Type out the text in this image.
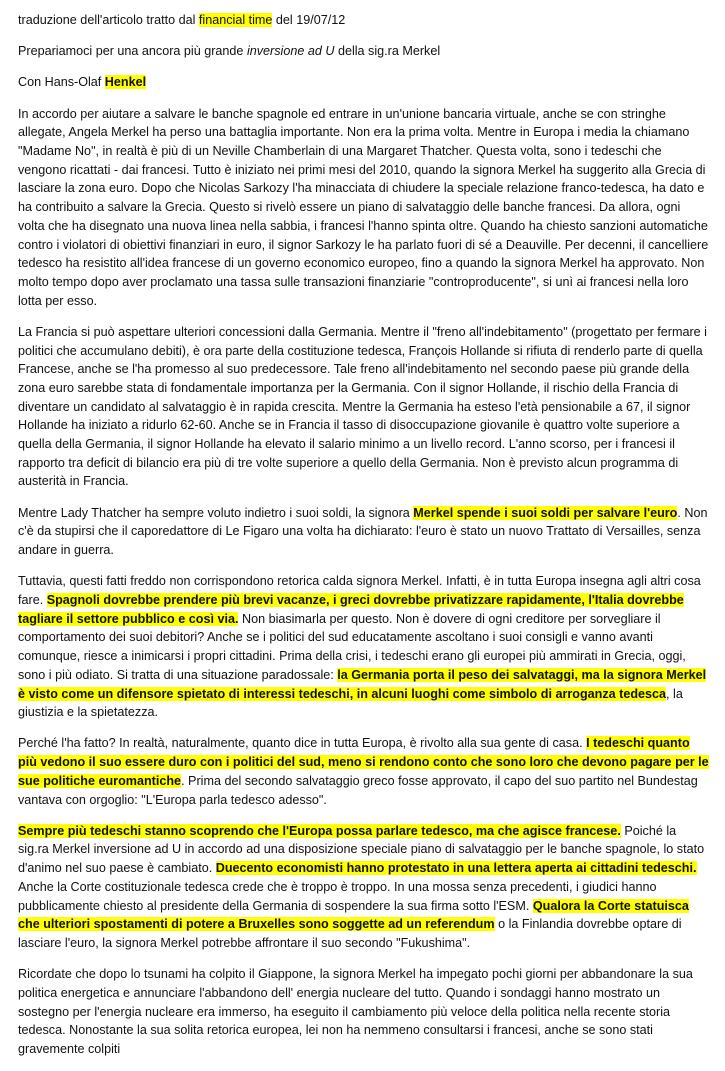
traduzione dell'articolo tratto dal financial time del 19/07/12

Prepariamoci per una ancora più grande inversione ad U della sig.ra Merkel

Con Hans-Olaf Henkel

In accordo per aiutare a salvare le banche spagnole ed entrare in un'unione bancaria virtuale, anche se con stringhe allegate, Angela Merkel ha perso una battaglia importante. Non era la prima volta. Mentre in Europa i media la chiamano "Madame No", in realtà è più di un Neville Chamberlain di una Margaret Thatcher. Questa volta, sono i tedeschi che vengono ricattati - dai francesi. Tutto è iniziato nei primi mesi del 2010, quando la signora Merkel ha suggerito alla Grecia di lasciare la zona euro. Dopo che Nicolas Sarkozy l'ha minacciata di chiudere la speciale relazione franco-tedesca, ha dato e ha contribuito a salvare la Grecia. Questo si rivelò essere un piano di salvataggio delle banche francesi. Da allora, ogni volta che ha disegnato una nuova linea nella sabbia, i francesi l'hanno spinta oltre. Quando ha chiesto sanzioni automatiche contro i violatori di obiettivi finanziari in euro, il signor Sarkozy le ha parlato fuori di sé a Deauville. Per decenni, il cancelliere tedesco ha resistito all'idea francese di un governo economico europeo, fino a quando la signora Merkel ha approvato. Non molto tempo dopo aver proclamato una tassa sulle transazioni finanziarie "controproducente", si unì ai francesi nella loro lotta per esso.

La Francia si può aspettare ulteriori concessioni dalla Germania. Mentre il "freno all'indebitamento" (progettato per fermare i politici che accumulano debiti), è ora parte della costituzione tedesca, François Hollande si rifiuta di renderlo parte di quella Francese, anche se l'ha promesso al suo predecessore. Tale freno all'indebitamento nel secondo paese più grande della zona euro sarebbe stata di fondamentale importanza per la Germania. Con il signor Hollande, il rischio della Francia di diventare un candidato al salvataggio è in rapida crescita. Mentre la Germania ha esteso l'età pensionabile a 67, il signor Hollande ha iniziato a ridurlo 62-60. Anche se in Francia il tasso di disoccupazione giovanile è quattro volte superiore a quella della Germania, il signor Hollande ha elevato il salario minimo a un livello record. L'anno scorso, per i francesi il rapporto tra deficit di bilancio era più di tre volte superiore a quello della Germania. Non è previsto alcun programma di austerità in Francia.

Mentre Lady Thatcher ha sempre voluto indietro i suoi soldi, la signora Merkel spende i suoi soldi per salvare l'euro. Non c'è da stupirsi che il caporedattore di Le Figaro una volta ha dichiarato: l'euro è stato un nuovo Trattato di Versailles, senza andare in guerra.

Tuttavia, questi fatti freddo non corrispondono retorica calda signora Merkel. Infatti, è in tutta Europa insegna agli altri cosa fare. Spagnoli dovrebbe prendere più brevi vacanze, i greci dovrebbe privatizzare rapidamente, l'Italia dovrebbe tagliare il settore pubblico e così via. Non biasimarla per questo. Non è dovere di ogni creditore per sorvegliare il comportamento dei suoi debitori? Anche se i politici del sud educatamente ascoltano i suoi consigli e vanno avanti comunque, riesce a inimicarsi i propri cittadini. Prima della crisi, i tedeschi erano gli europei più ammirati in Grecia, oggi, sono i più odiato. Si tratta di una situazione paradossale: la Germania porta il peso dei salvataggi, ma la signora Merkel è visto come un difensore spietato di interessi tedeschi, in alcuni luoghi come simbolo di arroganza tedesca, la giustizia e la spietatezza.

Perché l'ha fatto? In realtà, naturalmente, quanto dice in tutta Europa, è rivolto alla sua gente di casa. I tedeschi quanto più vedono il suo essere duro con i politici del sud, meno si rendono conto che sono loro che devono pagare per le sue politiche euromantiche. Prima del secondo salvataggio greco fosse approvato, il capo del suo partito nel Bundestag vantava con orgoglio: "L'Europa parla tedesco adesso".

Sempre più tedeschi stanno scoprendo che l'Europa possa parlare tedesco, ma che agisce francese. Poiché la sig.ra Merkel inversione ad U in accordo ad una disposizione speciale piano di salvataggio per le banche spagnole, lo stato d'animo nel suo paese è cambiato. Duecento economisti hanno protestato in una lettera aperta ai cittadini tedeschi. Anche la Corte costituzionale tedesca crede che è troppo è troppo. In una mossa senza precedenti, i giudici hanno pubblicamente chiesto al presidente della Germania di sospendere la sua firma sotto l'ESM. Qualora la Corte statuisca che ulteriori spostamenti di potere a Bruxelles sono soggette ad un referendum o la Finlandia dovrebbe optare di lasciare l'euro, la signora Merkel potrebbe affrontare il suo secondo "Fukushima".

Ricordate che dopo lo tsunami ha colpito il Giappone, la signora Merkel ha impegato pochi giorni per abbandonare la sua politica energetica e annunciare l'abbandono dell' energia nucleare del tutto. Quando i sondaggi hanno mostrato un sostegno per l'energia nucleare era immerso, ha eseguito il cambiamento più veloce della politica nella recente storia tedesca. Nonostante la sua solita retorica europea, lei non ha nemmeno consultarsi i francesi, anche se sono stati gravemente colpiti
